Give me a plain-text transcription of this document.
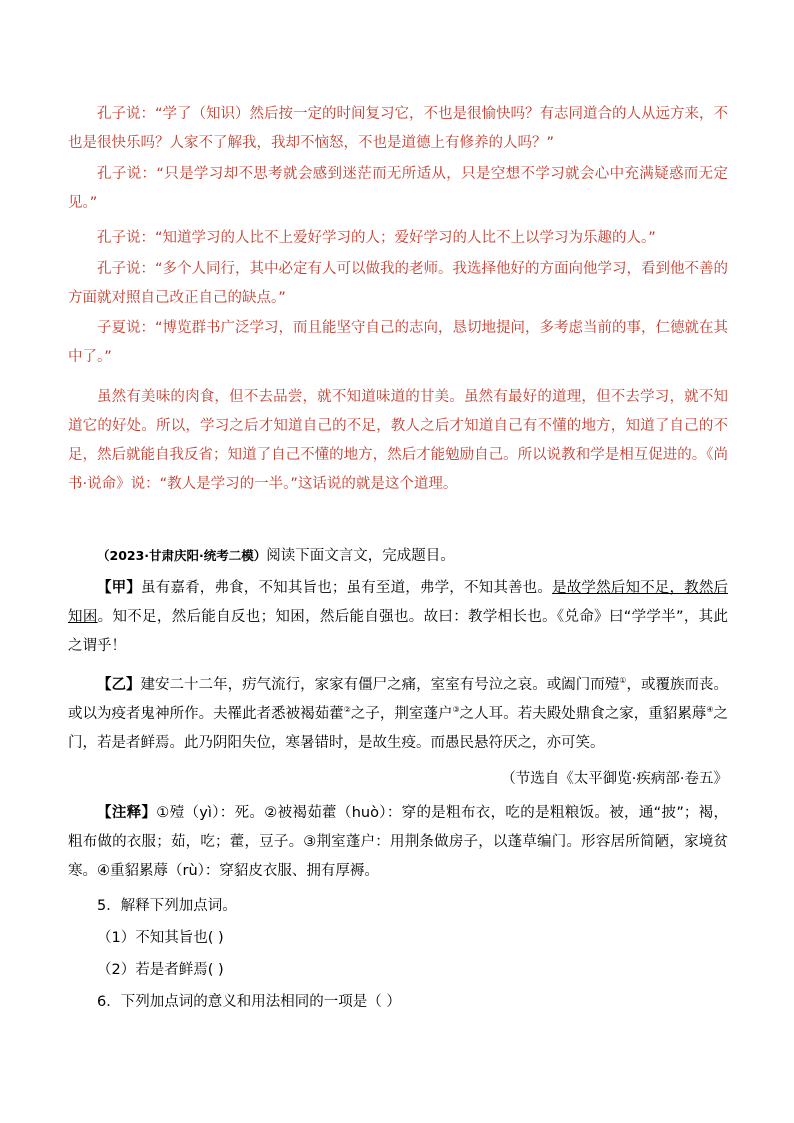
孔子说：“学了（知识）然后按一定的时间复习它，不也是很愉快吗？有志同道合的人从远方来，不也是很快乐吗？人家不了解我，我却不恼怒，不也是道德上有修养的人吗？”

孔子说：“只是学习却不思考就会感到迷茫而无所适从，只是空想不学习就会心中充满疑惑而无定见。”

孔子说：“知道学习的人比不上爱好学习的人；爱好学习的人比不上以学习为乐趣的人。”

孔子说：“多个人同行，其中必定有人可以做我的老师。我选择他好的方面向他学习，看到他不善的方面就对照自己改正自己的缺点。”

子夏说：“博览群书广泛学习，而且能坚守自己的志向，恳切地提问，多考虑当前的事，仁德就在其中了。”

虽然有美味的肉食，但不去品尝，就不知道味道的甘美。虽然有最好的道理，但不去学习，就不知道它的好处。所以，学习之后才知道自己的不足，教人之后才知道自己有不懂的地方，知道了自己的不足，然后就能自我反省；知道了自己不懂的地方，然后才能勉励自己。所以说教和学是相互促进的。《尚书·说命》说：“教人是学习的一半。”这话说的就是这个道理。

（2023·甘肃庆阳·统考二模）阅读下面文言文，完成题目。

【甲】虽有嘉肴，弗食，不知其旨也；虽有至道，弗学，不知其善也。是故学然后知不足，教然后知困。知不足，然后能自反也；知困，然后能自强也。故曰：教学相长也。《兑命》曰“学学半”，其此之谓乎！

【乙】建安二十二年，疠气流行，家家有僵尸之痛，室室有号泣之哀。或阖门而殪①，或覆族而丧。或以为疫者鬼神所作。夫罹此者悉被褐茹藿②之子，荆室蓬户③之人耳。若夫殿处鼎食之家，重貂累蓐④之门，若是者鲜焉。此乃阴阳失位，寒暑错时，是故生疫。而愚民悬符厌之，亦可笑。

（节选自《太平御览·疾病部·卷五》

【注释】①殪（yì）：死。②被褐茹藿（huò）：穿的是粗布衣，吃的是粗粮饭。被，通“披”；褐，粗布做的衣服；茹，吃；藿，豆子。③荆室蓬户：用荆条做房子，以蓬草编门。形容居所简陋，家境贫寒。④重貂累蓐（rù）：穿貂皮衣服、拥有厚褥。

5．解释下列加点词。

（1）不知其旨也( )

（2）若是者鲜焉( )

6．下列加点词的意义和用法相同的一项是（ ）
